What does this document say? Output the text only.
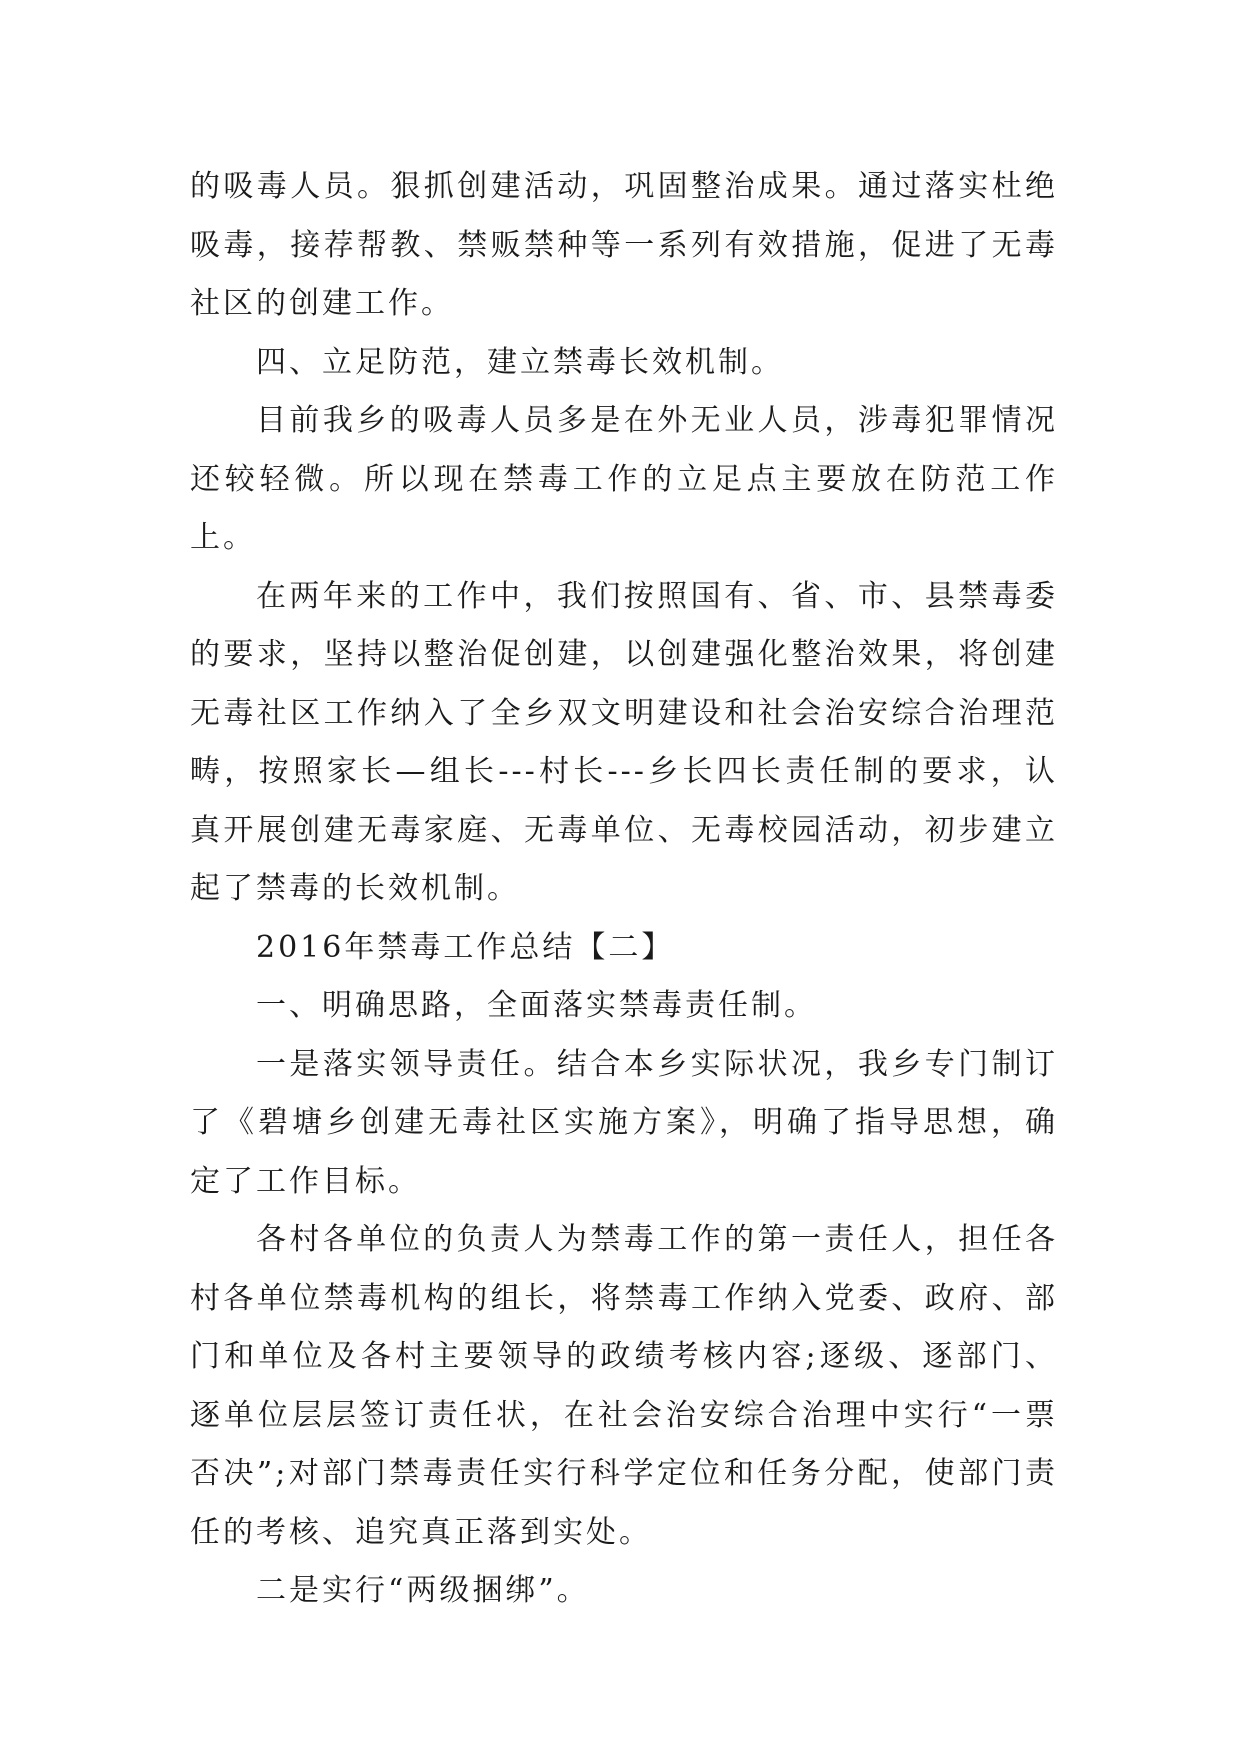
的吸毒人员。狠抓创建活动，巩固整治成果。通过落实杜绝吸毒，接荐帮教、禁贩禁种等一系列有效措施，促进了无毒社区的创建工作。

四、立足防范，建立禁毒长效机制。

目前我乡的吸毒人员多是在外无业人员，涉毒犯罪情况还较轻微。所以现在禁毒工作的立足点主要放在防范工作上。

在两年来的工作中，我们按照国有、省、市、县禁毒委的要求，坚持以整治促创建，以创建强化整治效果，将创建无毒社区工作纳入了全乡双文明建设和社会治安综合治理范畴，按照家长—组长---村长---乡长四长责任制的要求，认真开展创建无毒家庭、无毒单位、无毒校园活动，初步建立起了禁毒的长效机制。

2016年禁毒工作总结【二】

一、明确思路，全面落实禁毒责任制。

一是落实领导责任。结合本乡实际状况，我乡专门制订了《碧塘乡创建无毒社区实施方案》，明确了指导思想，确定了工作目标。

各村各单位的负责人为禁毒工作的第一责任人，担任各村各单位禁毒机构的组长，将禁毒工作纳入党委、政府、部门和单位及各村主要领导的政绩考核内容;逐级、逐部门、逐单位层层签订责任状，在社会治安综合治理中实行“一票否决”;对部门禁毒责任实行科学定位和任务分配，使部门责任的考核、追究真正落到实处。

二是实行“两级捆绑”。
